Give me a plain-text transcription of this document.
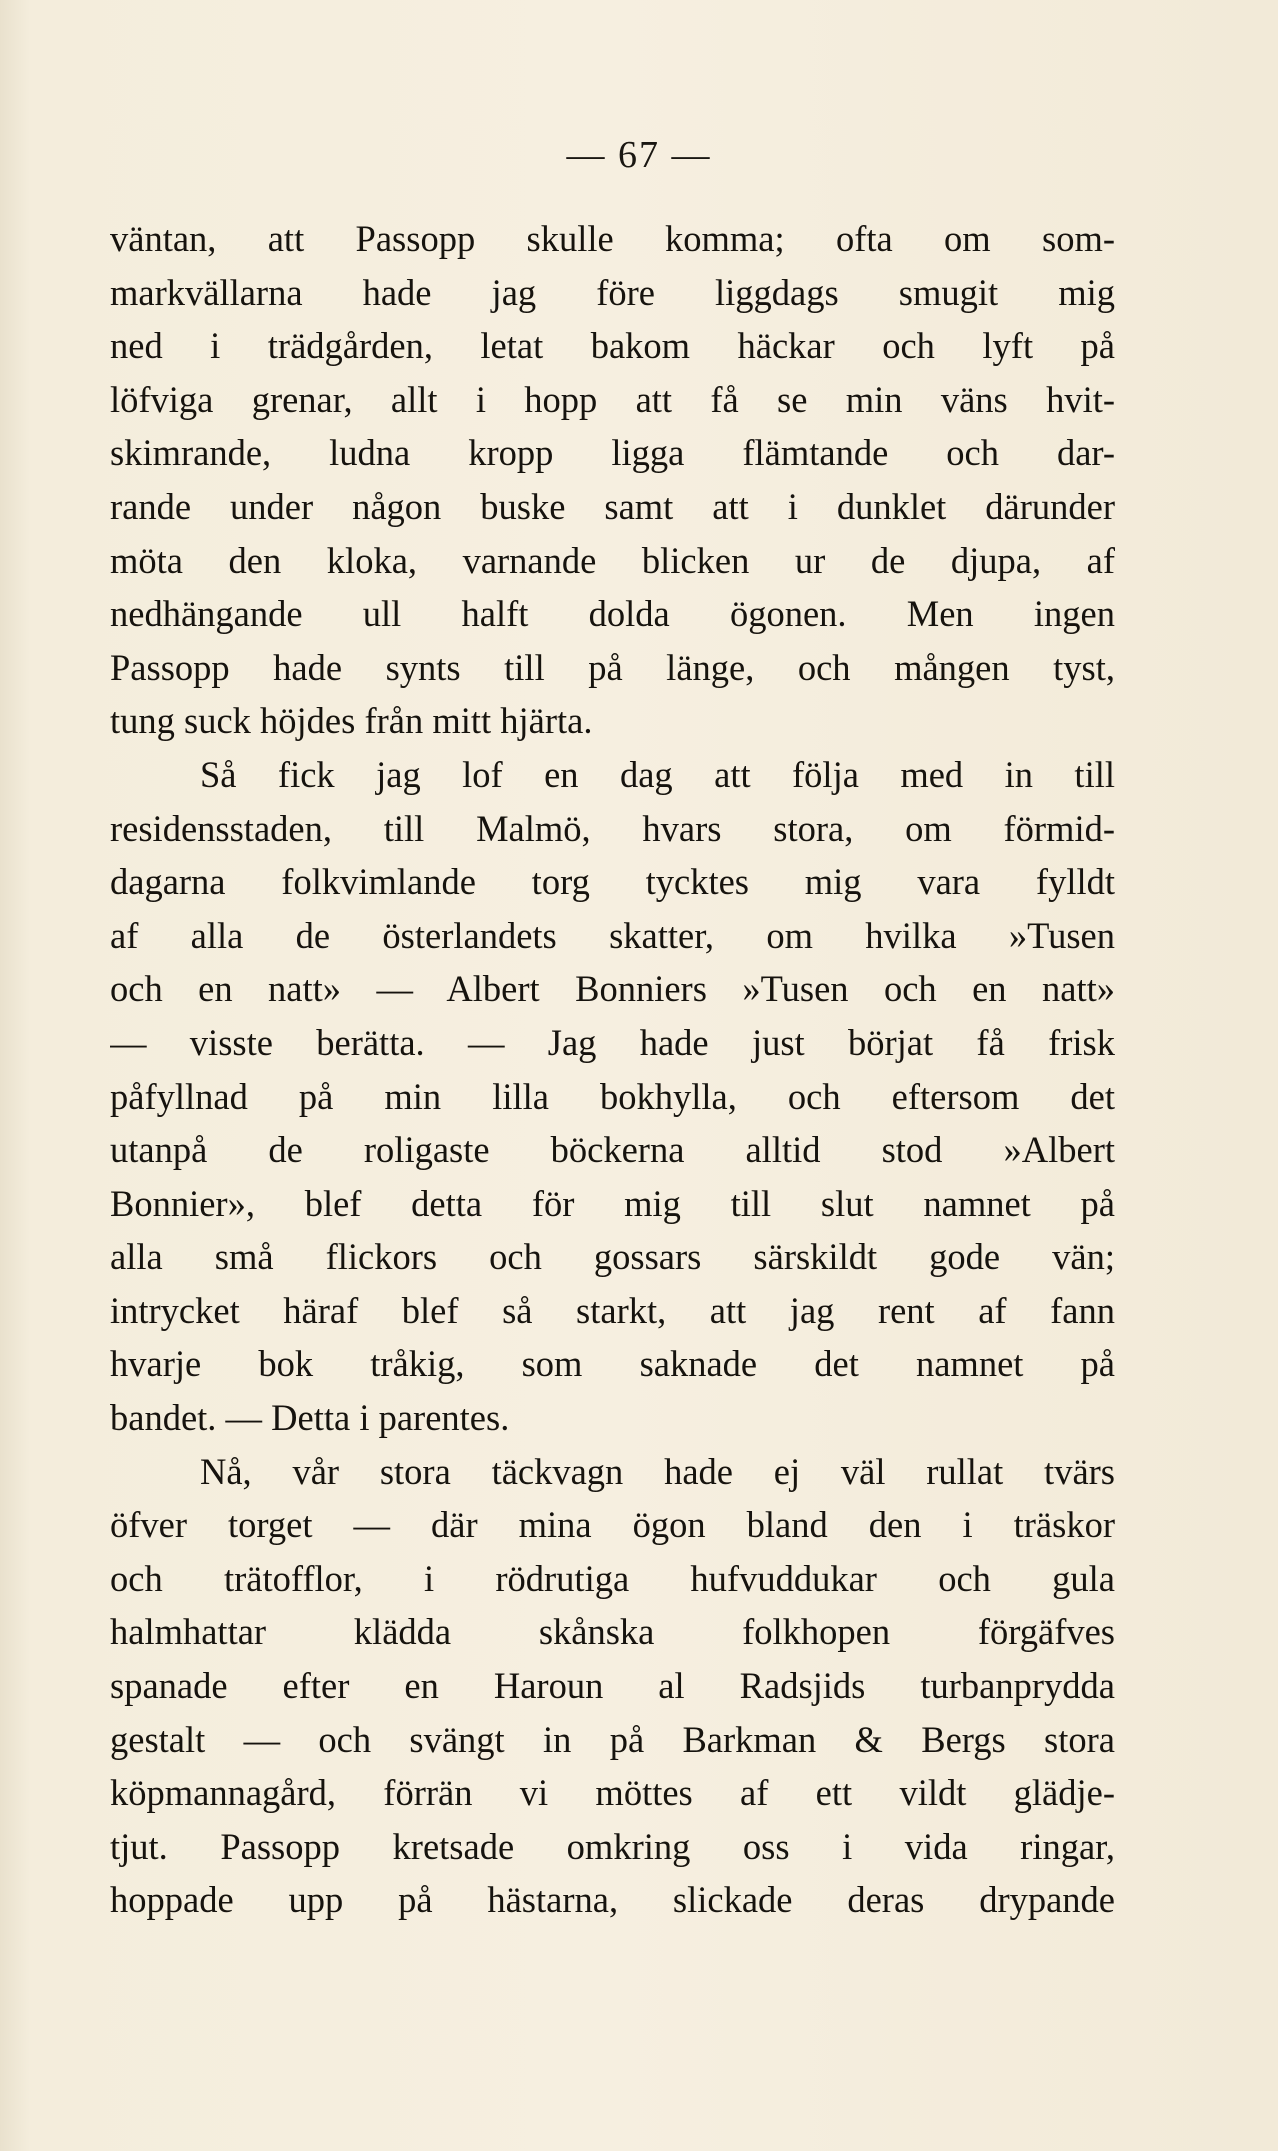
— 67 —
väntan, att Passopp skulle komma; ofta om som-
markvällarna hade jag före liggdags smugit mig
ned i trädgården, letat bakom häckar och lyft på
löfviga grenar, allt i hopp att få se min väns hvit-
skimrande, ludna kropp ligga flämtande och dar-
rande under någon buske samt att i dunklet därunder
möta den kloka, varnande blicken ur de djupa, af
nedhängande ull halft dolda ögonen. Men ingen
Passopp hade synts till på länge, och mången tyst,
tung suck höjdes från mitt hjärta.
Så fick jag lof en dag att följa med in till
residensstaden, till Malmö, hvars stora, om förmid-
dagarna folkvimlande torg tycktes mig vara fylldt
af alla de österlandets skatter, om hvilka »Tusen
och en natt» — Albert Bonniers »Tusen och en natt»
— visste berätta. — Jag hade just börjat få frisk
påfyllnad på min lilla bokhylla, och eftersom det
utanpå de roligaste böckerna alltid stod »Albert
Bonnier», blef detta för mig till slut namnet på
alla små flickors och gossars särskildt gode vän;
intrycket häraf blef så starkt, att jag rent af fann
hvarje bok tråkig, som saknade det namnet på
bandet. — Detta i parentes.
Nå, vår stora täckvagn hade ej väl rullat tvärs
öfver torget — där mina ögon bland den i träskor
och trätofflor, i rödrutiga hufvuddukar och gula
halmhattar klädda skånska folkhopen förgäfves
spanade efter en Haroun al Radsjids turbanprydda
gestalt — och svängt in på Barkman & Bergs stora
köpmannagård, förrän vi möttes af ett vildt glädje-
tjut. Passopp kretsade omkring oss i vida ringar,
hoppade upp på hästarna, slickade deras drypande
